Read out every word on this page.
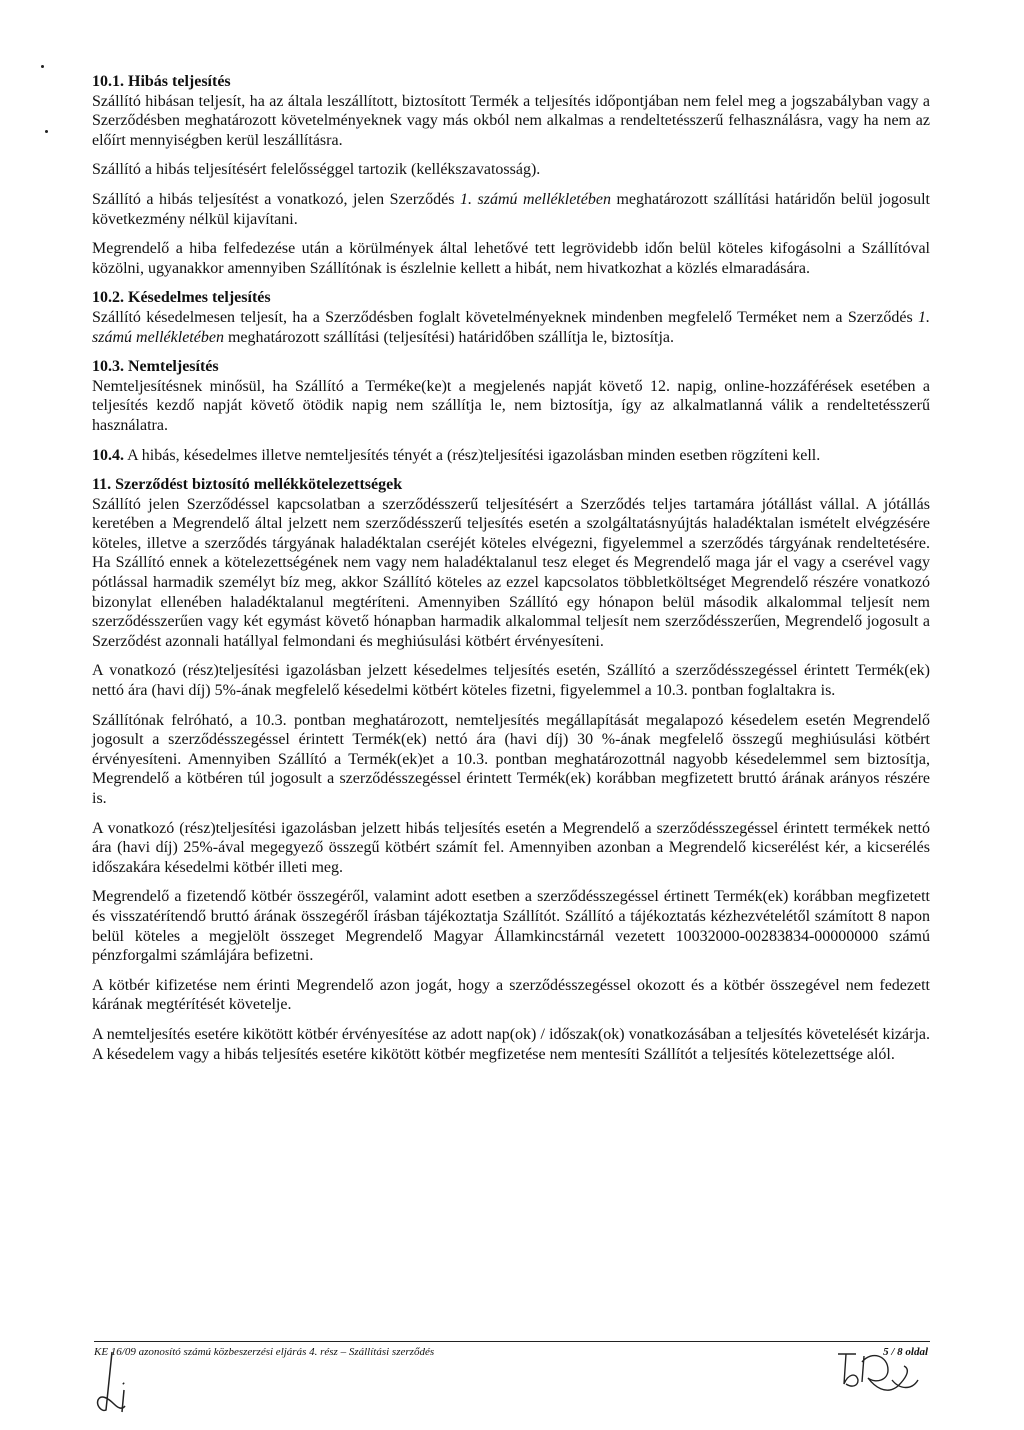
10.1. Hibás teljesítés

Szállító hibásan teljesít, ha az általa leszállított, biztosított Termék a teljesítés időpontjában nem felel meg a jogszabályban vagy a Szerződésben meghatározott követelményeknek vagy más okból nem alkalmas a rendeltetésszerű felhasználásra, vagy ha nem az előírt mennyiségben kerül leszállításra.

Szállító a hibás teljesítésért felelősséggel tartozik (kellékszavatosság).

Szállító a hibás teljesítést a vonatkozó, jelen Szerződés 1. számú mellékletében meghatározott szállítási határidőn belül jogosult következmény nélkül kijavítani.

Megrendelő a hiba felfedezése után a körülmények által lehetővé tett legrövidebb időn belül köteles kifogásolni a Szállítóval közölni, ugyanakkor amennyiben Szállítónak is észlelnie kellett a hibát, nem hivatkozhat a közlés elmaradására.

10.2. Késedelmes teljesítés

Szállító késedelmesen teljesít, ha a Szerződésben foglalt követelményeknek mindenben megfelelő Terméket nem a Szerződés 1. számú mellékletében meghatározott szállítási (teljesítési) határidőben szállítja le, biztosítja.

10.3. Nemteljesítés

Nemteljesítésnek minősül, ha Szállító a Terméke(ke)t a megjelenés napját követő 12. napig, online-hozzáférések esetében a teljesítés kezdő napját követő ötödik napig nem szállítja le, nem biztosítja, így az alkalmatlanná válik a rendeltetésszerű használatra.

10.4. A hibás, késedelmes illetve nemteljesítés tényét a (rész)teljesítési igazolásban minden esetben rögzíteni kell.

11. Szerződést biztosító mellékkötelezettségek

Szállító jelen Szerződéssel kapcsolatban a szerződésszerű teljesítésért a Szerződés teljes tartamára jótállást vállal. A jótállás keretében a Megrendelő által jelzett nem szerződésszerű teljesítés esetén a szolgáltatásnyújtás haladéktalan ismételt elvégzésére köteles, illetve a szerződés tárgyának haladéktalan cseréjét köteles elvégezni, figyelemmel a szerződés tárgyának rendeltetésére. Ha Szállító ennek a kötelezettségének nem vagy nem haladéktalanul tesz eleget és Megrendelő maga jár el vagy a cserével vagy pótlással harmadik személyt bíz meg, akkor Szállító köteles az ezzel kapcsolatos többletköltséget Megrendelő részére vonatkozó bizonylat ellenében haladéktalanul megtéríteni. Amennyiben Szállító egy hónapon belül második alkalommal teljesít nem szerződésszerűen vagy két egymást követő hónapban harmadik alkalommal teljesít nem szerződésszerűen, Megrendelő jogosult a Szerződést azonnali hatállyal felmondani és meghiúsulási kötbért érvényesíteni.

A vonatkozó (rész)teljesítési igazolásban jelzett késedelmes teljesítés esetén, Szállító a szerződésszegéssel érintett Termék(ek) nettó ára (havi díj) 5%-ának megfelelő késedelmi kötbért köteles fizetni, figyelemmel a 10.3. pontban foglaltakra is.

Szállítónak felróható, a 10.3. pontban meghatározott, nemteljesítés megállapítását megalapozó késedelem esetén Megrendelő jogosult a szerződésszegéssel érintett Termék(ek) nettó ára (havi díj) 30 %-ának megfelelő összegű meghiúsulási kötbért érvényesíteni. Amennyiben Szállító a Termék(ek)et a 10.3. pontban meghatározottnál nagyobb késedelemmel sem biztosítja, Megrendelő a kötbéren túl jogosult a szerződésszegéssel érintett Termék(ek) korábban megfizetett bruttó árának arányos részére is.

A vonatkozó (rész)teljesítési igazolásban jelzett hibás teljesítés esetén a Megrendelő a szerződésszegéssel érintett termékek nettó ára (havi díj) 25%-ával megegyező összegű kötbért számít fel. Amennyiben azonban a Megrendelő kicserélést kér, a kicserélés időszakára késedelmi kötbér illeti meg.

Megrendelő a fizetendő kötbér összegéről, valamint adott esetben a szerződésszegéssel értinett Termék(ek) korábban megfizetett és visszatérítendő bruttó árának összegéről írásban tájékoztatja Szállítót. Szállító a tájékoztatás kézhezvételétől számított 8 napon belül köteles a megjelölt összeget Megrendelő Magyar Államkincstárnál vezetett 10032000-00283834-00000000 számú pénzforgalmi számlájára befizetni.

A kötbér kifizetése nem érinti Megrendelő azon jogát, hogy a szerződésszegéssel okozott és a kötbér összegével nem fedezett kárának megtérítését követelje.

A nemteljesítés esetére kikötött kötbér érvényesítése az adott nap(ok) / időszak(ok) vonatkozásában a teljesítés követelését kizárja. A késedelem vagy a hibás teljesítés esetére kikötött kötbér megfizetése nem mentesíti Szállítót a teljesítés kötelezettsége alól.

KE 16/09 azonosító számú közbeszerzési eljárás 4. rész – Szállítási szerződés	5 / 8 oldal
